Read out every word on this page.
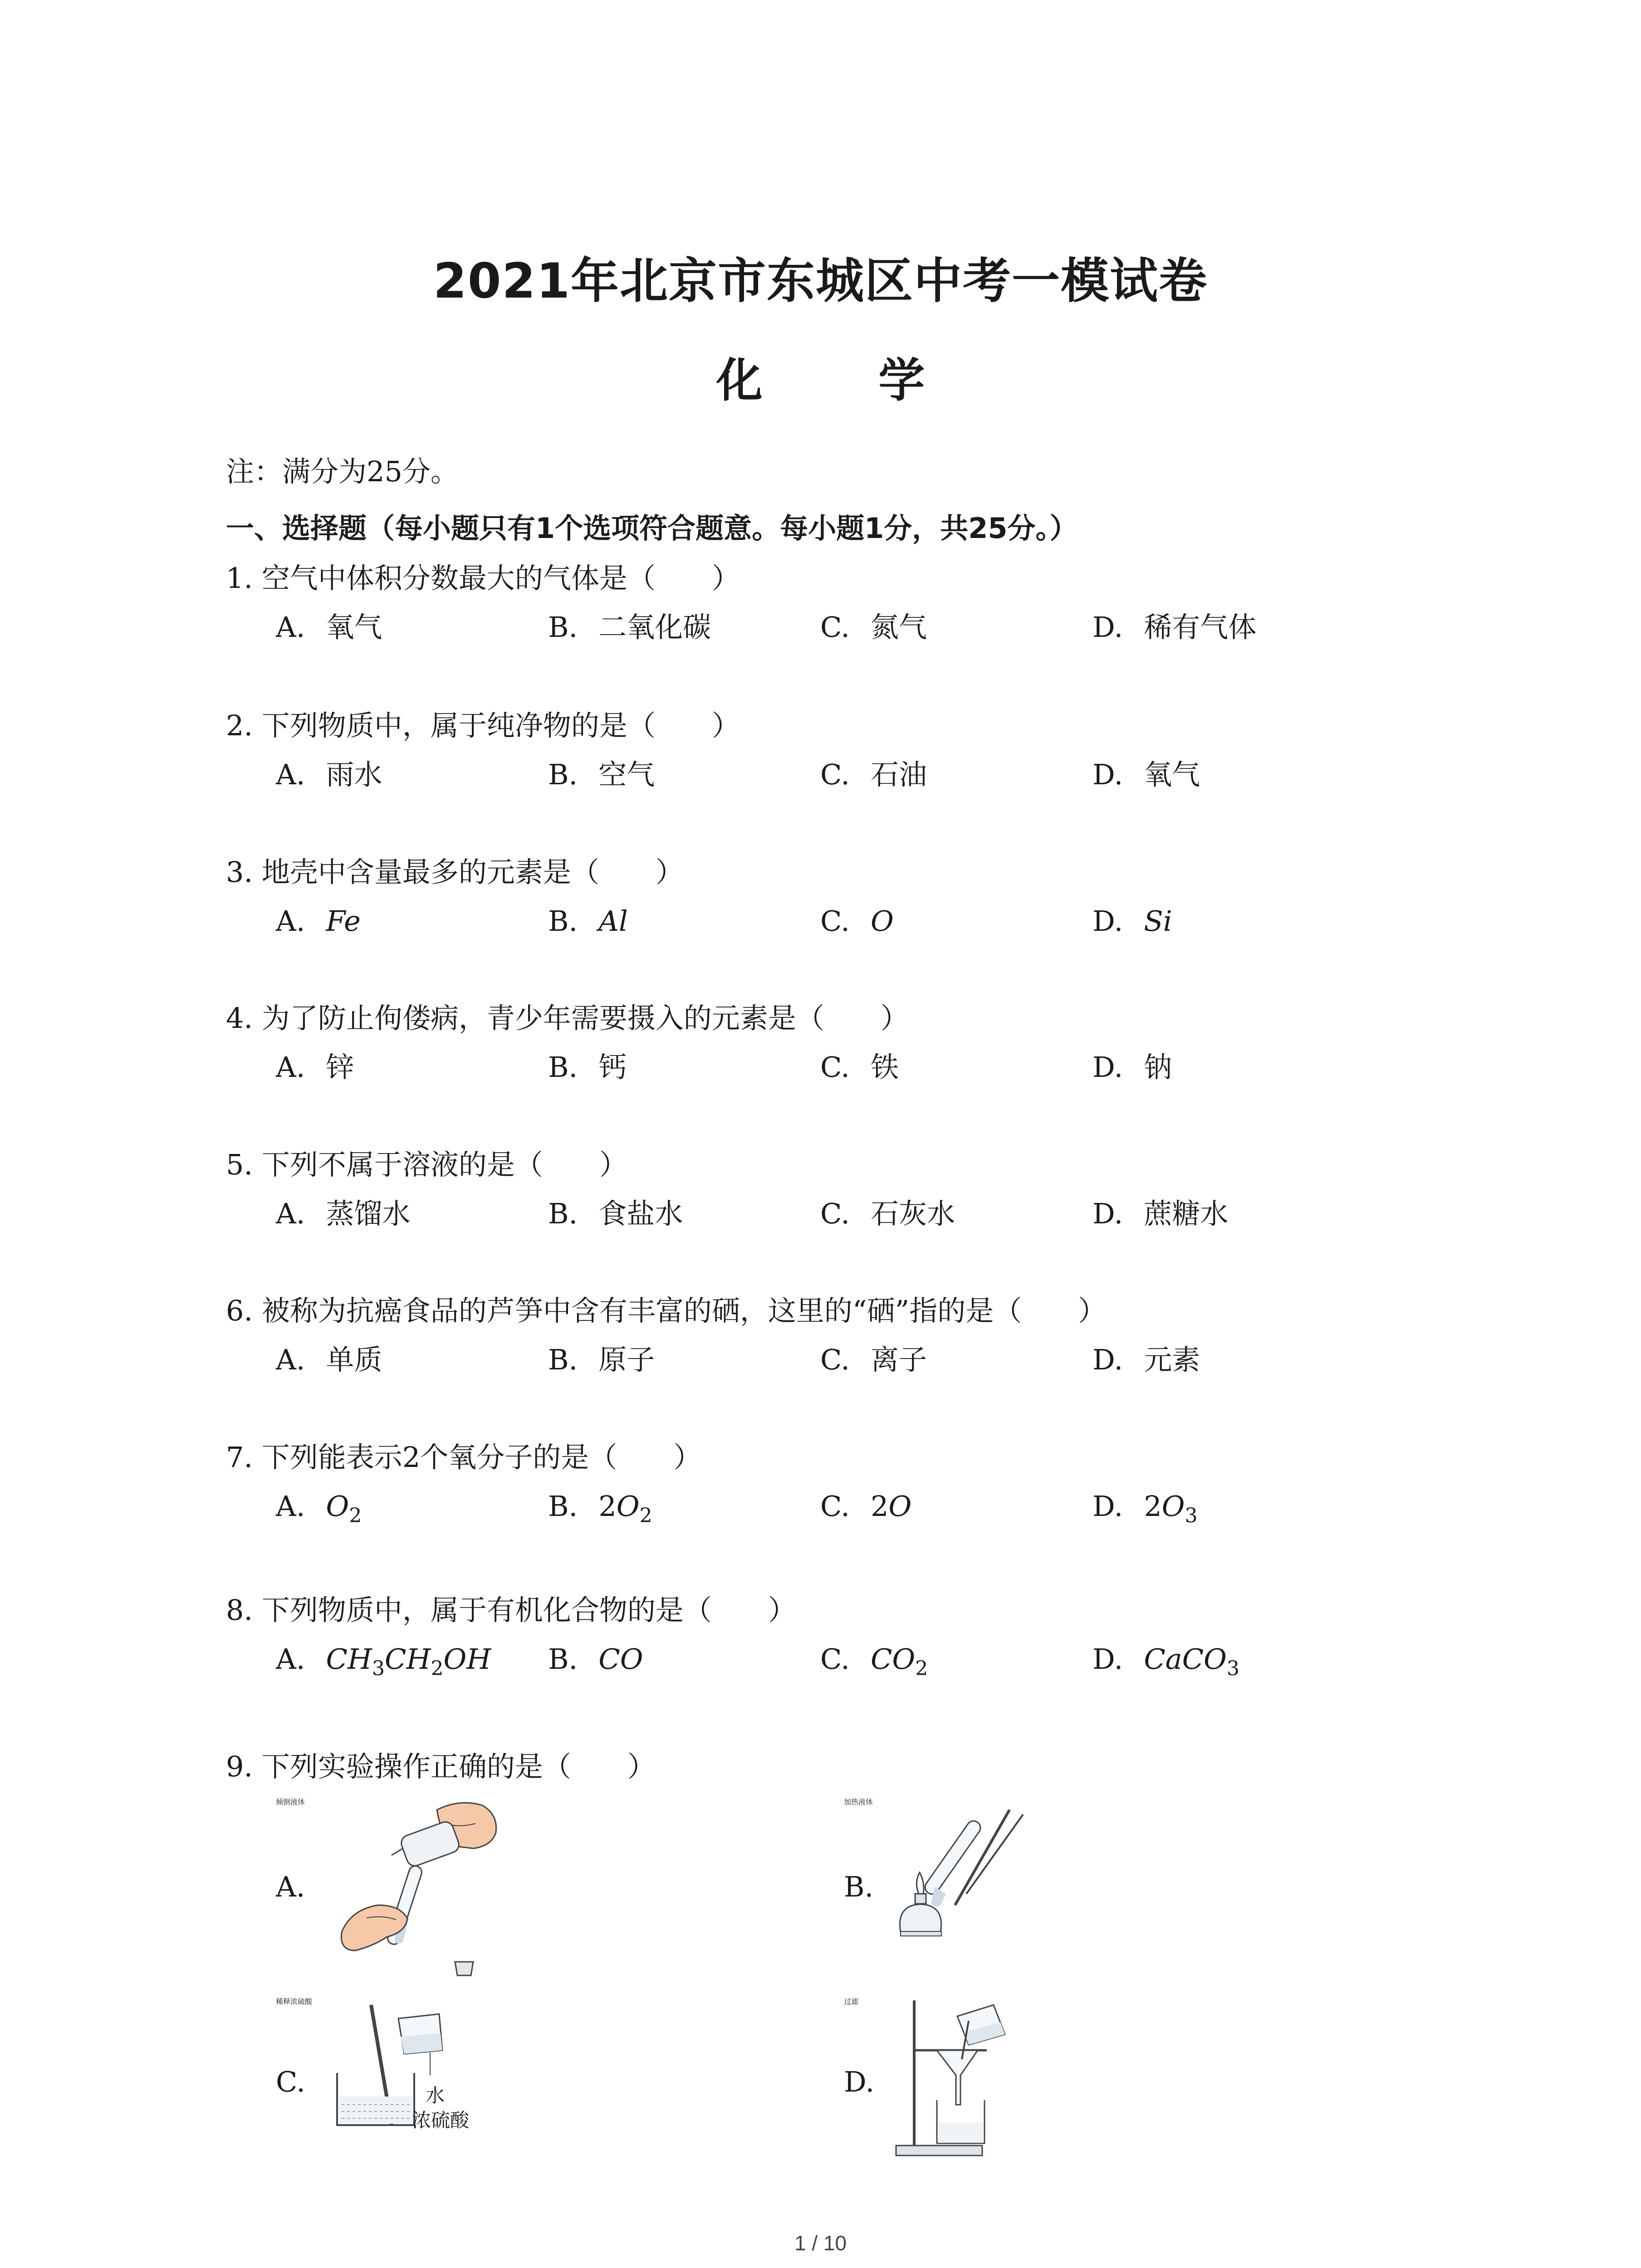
2021年北京市东城区中考一模试卷
化 学
注：满分为25分。
一、选择题（每小题只有1个选项符合题意。每小题1分，共25分。）
1. 空气中体积分数最大的气体是（　　）
A. 氧气	B. 二氧化碳	C. 氮气	D. 稀有气体
2. 下列物质中，属于纯净物的是（　　）
A. 雨水	B. 空气	C. 石油	D. 氧气
3. 地壳中含量最多的元素是（　　）
A. Fe	B. Al	C. O	D. Si
4. 为了防止佝偻病，青少年需要摄入的元素是（　　）
A. 锌	B. 钙	C. 铁	D. 钠
5. 下列不属于溶液的是（　　）
A. 蒸馏水	B. 食盐水	C. 石灰水	D. 蔗糖水
6. 被称为抗癌食品的芦笋中含有丰富的硒，这里的“硒”指的是（　　）
A. 单质	B. 原子	C. 离子	D. 元素
7. 下列能表示2个氧分子的是（　　）
A. $O_2$	B. $2O_2$	C. 2O	D. $2O_3$
8. 下列物质中，属于有机化合物的是（　　）
A. $CH_3CH_2OH$ B. CO	C. $CO_2$	D. CaCO$_3$
9. 下列实验操作正确的是（　　）
A.
倾倒液体
B.
加热液体
C.	水
浓硫酸
稀释浓硫酸
D.
过滤
1 / 10
